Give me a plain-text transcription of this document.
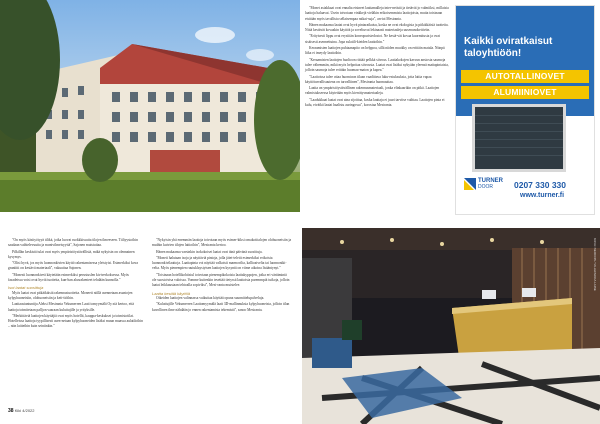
"Monet asiakkaat ovat ennalta etsineet laattamalleja inter-netistä ja tietävät jo valmiiksi, millaisia laattoja haluavat. Usein toivotaan vinkkejä vieläkin erikoisemmista laattojoista, mutta toisinaan etsitään myös tavallista sellaisempaa ratkai-suja", arvioi Mesiranta.

Hänen mukaansa laatat ovat hyvä pintaratkaisu, koska ne ovat ekologisia ja pitkäikäisiä tuotteita. Niitä kestävät kovaakin käyttöä ja soveltuvat lekinaasti materiaaleja uusenunokettiviin.

"Erityisesti lippu ovat erysiitän koneopurisiedostot. Ne kestä-vät kovaa kuormitusta ja ovat sisäisesti asennettuina. Jopa sulatili-kieiden laattoihin."

Keraamisten laattojen puhtaanapito on helppoa, sillä niiden muokky on erittäin matala. Niinpä liika ei imeydy laattoihin.

"Keraamisten laattojen huoltoon riittää pelkkä siivous. Laattakokojen kasvun ansiosta saumoja tulee vähemmän, mikä myös helpottaa siivousta. Laatat ovat lisäksi nykyään yleensä mattapintaisia, jolloin saumoja tulee erittäin huomaa-maton ja kapea."

"Laattoissa tulee ottaa huomioon tilaan vaadittava luku-estuksuksia, jotta lattia vapaa käyttöturvallisuutena on turvalliinen", Mesiranta huomauttaa.

Laatta on ympäristöystävällinen rakennusmateriaali, jonka elinkaarikin on pitkä. Laattojen valmistukseessa käytetään myös kierrätysmateriaaleja.

"Laadukkaat laatat ovat aina sijoittaa, koska laattaja ei juuri tarvitse vaihtaa. Laattojen pinta ei kulu, eivätkä laatat haalistu auringossa", korostaa Mesiranta.

Kaikki oviratkaisut taloyhtiöön!
AUTOTALLINOVET
ALUMIINIOVET
TURNER
DOOR	0207 330 330
www.turner.fi

"On myös käsityötyyä tilikä, jotka luovat ruokkkissutta tilojen ilmeeseen. Tiiliyystoihin saadaan vaihtelevuutta ja monivilmeisyyttä", Sajonen muistuttaa.

Pilkillän keskistä tulat ovat myös ympäristöystävällisiä, mikä nykyisin on olennainen kysymys.

"Olisi hyvä, jos myös luonnonkivien käyttö rakentamisessa yleistyisi. Esimerkiksi kova graniitti on kestävä materiaali", vakuuttaa Sajonen.

"Monesti luonnonkiveä käytetään esimerkiksi perustuslen kiviverkoksessa. Myös fasadeissa voisi ovat hyviä tuotteita, kun-han alusrakenteet tehdään kunnolla."

Isot laatat suosittuja

Myös laatat ovat pitkäikäisiä rakennustuotteita. Moneeti niillä asennetaan asuntojen kylpyhuoneisiin, olohuoneisiin ja keit-tiöihin.

Laattaasiantuntija Aleksi Mesiranta Vekumerren Laatt tomyymälä Oy:stä kertoo, että laattoja toimitetaan palljon vaaraan kuluttujille ja yrityksille.

"Merkittäviä laattojen käyttäjiä ovat myös hotellit, kauppa-keskukset ja toimistotilat. Hotelleissa laattoja tyypillisesti asen-netaan kylpyhuoneiden lisäksi muun muassa aulatiloihin – niin laitteihin kuin seiniinkin."

"Nykyisin yhä enemmän laattoja toivotaan myös esimer-kiksi omakotitalojen olohuoneisiin ja muihin kuivien tilojen lattioihin", Mesiranta kertoo.

Hänen mukaansa varsinkin isokokoiset laatat ovat tänä päivänä suosittuja.

"Moneti halutaan isoja ja näyttäviä pintoja, jolla jätet-teletit esimerkiksi erikoisia luonnonkivilaattoja. Laattapinta voi näyttää valkoisii marmorilta, kallioaivelta tai luonnoniki-velta. Myös pienempien ruutuklaystyisen laattojen kysyntä on viime aikoina lisääntynyt."

"Toisinaan hotellikohtisiul toivotaan pienempikokoisia laattakyppojen, jotka eri värtämintä ole suostoivisa valoissa. Vomme kuitenkin tesettää tietyssä laattoista paremmpiä tuikoja, jolloin laatat leikkaustaan tehtoalla sopiviksi", Mesi-ranta muistelee.

Laatta kestää käyttöä

Oikeiden laattojen valinnassa vaikuttaa käyttää opuna suunnittelupalveluja.

"Kuluttujille Vekumerren Laattomyymälä laatt 3D-mallinnuksia kylpyhuoneista, jolloin tilan kuvollinen ilme nähdään jo ennen rakentamista tekemistä", sanoo Mesiranta.

KUVA: NEOCON / VILLEPEKKA LAINE
38 Kiki 4/2022
